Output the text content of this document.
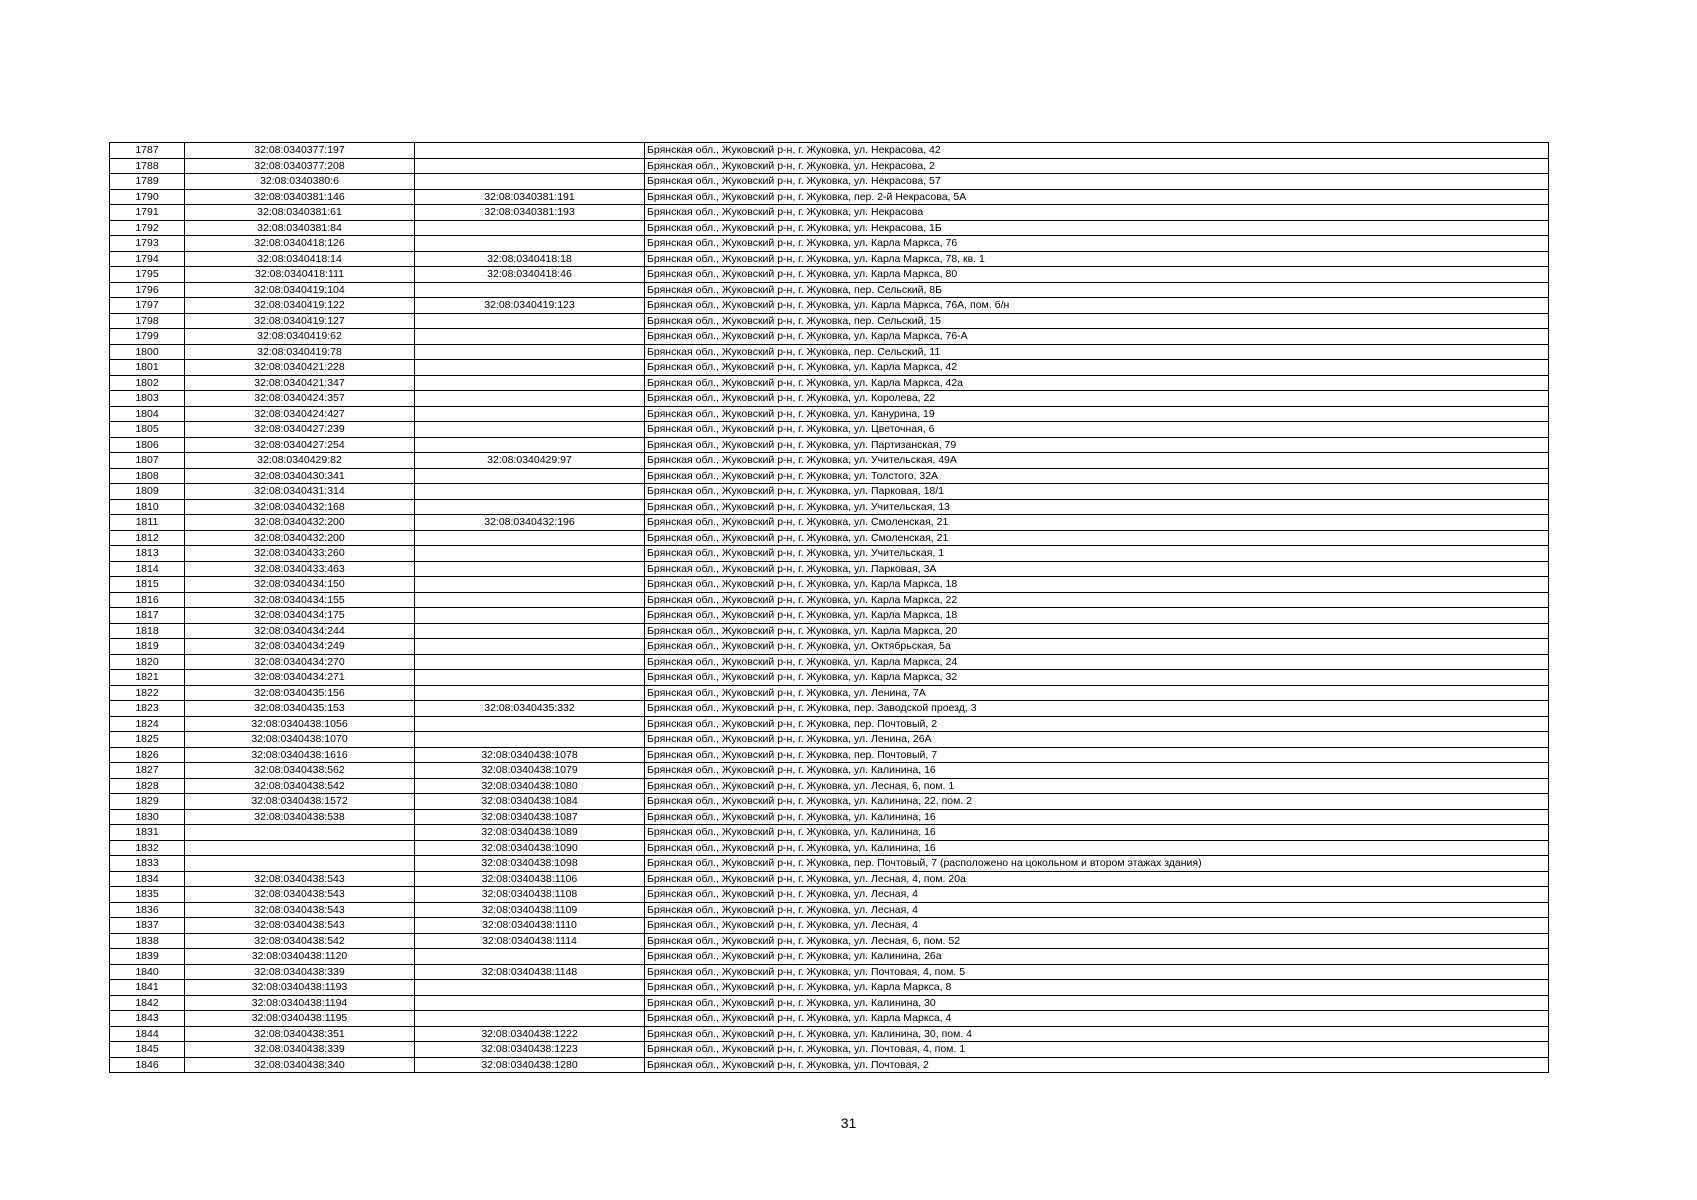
1787	32:08:0340377:197		Брянская обл., Жуковский р-н, г. Жуковка, ул. Некрасова, 42
1788	32:08:0340377:208		Брянская обл., Жуковский р-н, г. Жуковка, ул. Некрасова, 2
1789	32:08:0340380:6		Брянская обл., Жуковский р-н, г. Жуковка, ул. Некрасова, 57
1790	32:08:0340381:146	32:08:0340381:191	Брянская обл., Жуковский р-н, г. Жуковка, пер. 2-й Некрасова, 5А
1791	32:08:0340381:61	32:08:0340381:193	Брянская обл., Жуковский р-н, г. Жуковка, ул. Некрасова
1792	32:08:0340381:84		Брянская обл., Жуковский р-н, г. Жуковка, ул. Некрасова, 1Б
1793	32:08:0340418:126		Брянская обл., Жуковский р-н, г. Жуковка, ул. Карла Маркса, 76
1794	32:08:0340418:14	32:08:0340418:18	Брянская обл., Жуковский р-н, г. Жуковка, ул. Карла Маркса, 78, кв. 1
1795	32:08:0340418:111	32:08:0340418:46	Брянская обл., Жуковский р-н, г. Жуковка, ул. Карла Маркса, 80
1796	32:08:0340419:104		Брянская обл., Жуковский р-н, г. Жуковка, пер. Сельский, 8Б
1797	32:08:0340419:122	32:08:0340419:123	Брянская обл., Жуковский р-н, г. Жуковка, ул. Карла Маркса, 76А, пом. б/н
1798	32:08:0340419:127		Брянская обл., Жуковский р-н, г. Жуковка, пер. Сельский, 15
1799	32:08:0340419:62		Брянская обл., Жуковский р-н, г. Жуковка, ул. Карла Маркса, 76-А
1800	32:08:0340419:78		Брянская обл., Жуковский р-н, г. Жуковка, пер. Сельский, 11
1801	32:08:0340421:228		Брянская обл., Жуковский р-н, г. Жуковка, ул. Карла Маркса, 42
1802	32:08:0340421:347		Брянская обл., Жуковский р-н, г. Жуковка, ул. Карла Маркса, 42а
1803	32:08:0340424:357		Брянская обл., Жуковский р-н, г. Жуковка, ул. Королева, 22
1804	32:08:0340424:427		Брянская обл., Жуковский р-н, г. Жуковка, ул. Канурина, 19
1805	32:08:0340427:239		Брянская обл., Жуковский р-н, г. Жуковка, ул. Цветочная, 6
1806	32:08:0340427:254		Брянская обл., Жуковский р-н, г. Жуковка, ул. Партизанская, 79
1807	32:08:0340429:82	32:08:0340429:97	Брянская обл., Жуковский р-н, г. Жуковка, ул. Учительская, 49А
1808	32:08:0340430:341		Брянская обл., Жуковский р-н, г. Жуковка, ул. Толстого, 32А
1809	32:08:0340431:314		Брянская обл., Жуковский р-н, г. Жуковка, ул. Парковая, 18/1
1810	32:08:0340432:168		Брянская обл., Жуковский р-н, г. Жуковка, ул. Учительская, 13
1811	32:08:0340432:200	32:08:0340432:196	Брянская обл., Жуковский р-н, г. Жуковка, ул. Смоленская, 21
1812	32:08:0340432:200		Брянская обл., Жуковский р-н, г. Жуковка, ул. Смоленская, 21
1813	32:08:0340433:260		Брянская обл., Жуковский р-н, г. Жуковка, ул. Учительская, 1
1814	32:08:0340433:463		Брянская обл., Жуковский р-н, г. Жуковка, ул. Парковая, 3А
1815	32:08:0340434:150		Брянская обл., Жуковский р-н, г. Жуковка, ул. Карла Маркса, 18
1816	32:08:0340434:155		Брянская обл., Жуковский р-н, г. Жуковка, ул. Карла Маркса, 22
1817	32:08:0340434:175		Брянская обл., Жуковский р-н, г. Жуковка, ул. Карла Маркса, 18
1818	32:08:0340434:244		Брянская обл., Жуковский р-н, г. Жуковка, ул. Карла Маркса, 20
1819	32:08:0340434:249		Брянская обл., Жуковский р-н, г. Жуковка, ул. Октябрьская, 5а
1820	32:08:0340434:270		Брянская обл., Жуковский р-н, г. Жуковка, ул. Карла Маркса, 24
1821	32:08:0340434:271		Брянская обл., Жуковский р-н, г. Жуковка, ул. Карла Маркса, 32
1822	32:08:0340435:156		Брянская обл., Жуковский р-н, г. Жуковка, ул. Ленина, 7А
1823	32:08:0340435:153	32:08:0340435:332	Брянская обл., Жуковский р-н, г. Жуковка, пер. Заводской проезд, 3
1824	32:08:0340438:1056		Брянская обл., Жуковский р-н, г. Жуковка, пер. Почтовый, 2
1825	32:08:0340438:1070		Брянская обл., Жуковский р-н, г. Жуковка, ул. Ленина, 26А
1826	32:08:0340438:1616	32:08:0340438:1078	Брянская обл., Жуковский р-н, г. Жуковка, пер. Почтовый, 7
1827	32:08:0340438:562	32:08:0340438:1079	Брянская обл., Жуковский р-н, г. Жуковка, ул. Калинина, 16
1828	32:08:0340438:542	32:08:0340438:1080	Брянская обл., Жуковский р-н, г. Жуковка, ул. Лесная, 6, пом. 1
1829	32:08:0340438:1572	32:08:0340438:1084	Брянская обл., Жуковский р-н, г. Жуковка, ул. Калинина, 22, пом. 2
1830	32:08:0340438:538	32:08:0340438:1087	Брянская обл., Жуковский р-н, г. Жуковка, ул. Калинина, 16
1831		32:08:0340438:1089	Брянская обл., Жуковский р-н, г. Жуковка, ул. Калинина, 16
1832		32:08:0340438:1090	Брянская обл., Жуковский р-н, г. Жуковка, ул. Калинина, 16
1833		32:08:0340438:1098	Брянская обл., Жуковский р-н, г. Жуковка, пер. Почтовый, 7 (расположено на цокольном и втором этажах здания)
1834	32:08:0340438:543	32:08:0340438:1106	Брянская обл., Жуковский р-н, г. Жуковка, ул. Лесная, 4, пом. 20а
1835	32:08:0340438:543	32:08:0340438:1108	Брянская обл., Жуковский р-н, г. Жуковка, ул. Лесная, 4
1836	32:08:0340438:543	32:08:0340438:1109	Брянская обл., Жуковский р-н, г. Жуковка, ул. Лесная, 4
1837	32:08:0340438:543	32:08:0340438:1110	Брянская обл., Жуковский р-н, г. Жуковка, ул. Лесная, 4
1838	32:08:0340438:542	32:08:0340438:1114	Брянская обл., Жуковский р-н, г. Жуковка, ул. Лесная, 6, пом. 52
1839	32:08:0340438:1120		Брянская обл., Жуковский р-н, г. Жуковка, ул. Калинина, 26а
1840	32:08:0340438:339	32:08:0340438:1148	Брянская обл., Жуковский р-н, г. Жуковка, ул. Почтовая, 4, пом. 5
1841	32:08:0340438:1193		Брянская обл., Жуковский р-н, г. Жуковка, ул. Карла Маркса, 8
1842	32:08:0340438:1194		Брянская обл., Жуковский р-н, г. Жуковка, ул. Калинина, 30
1843	32:08:0340438:1195		Брянская обл., Жуковский р-н, г. Жуковка, ул. Карла Маркса, 4
1844	32:08:0340438:351	32:08:0340438:1222	Брянская обл., Жуковский р-н, г. Жуковка, ул. Калинина, 30, пом. 4
1845	32:08:0340438:339	32:08:0340438:1223	Брянская обл., Жуковский р-н, г. Жуковка, ул. Почтовая, 4, пом. 1
1846	32:08:0340438:340	32:08:0340438:1280	Брянская обл., Жуковский р-н, г. Жуковка, ул. Почтовая, 2
31
